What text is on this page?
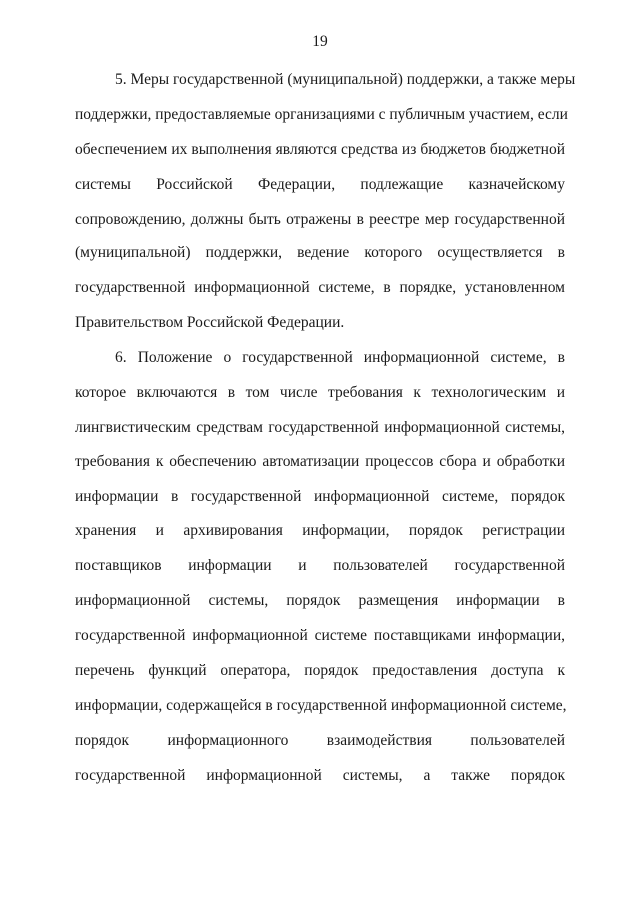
19
5. Меры государственной (муниципальной) поддержки, а также меры
поддержки, предоставляемые организациями с публичным участием, если
обеспечением их выполнения являются средства из бюджетов бюджетной
системы Российской Федерации, подлежащие казначейскому
сопровождению, должны быть отражены в реестре мер государственной
(муниципальной) поддержки, ведение которого осуществляется в
государственной информационной системе, в порядке, установленном
Правительством Российской Федерации.
6. Положение о государственной информационной системе, в
которое включаются в том числе требования к технологическим и
лингвистическим средствам государственной информационной системы,
требования к обеспечению автоматизации процессов сбора и обработки
информации в государственной информационной системе, порядок
хранения и архивирования информации, порядок регистрации
поставщиков информации и пользователей государственной
информационной системы, порядок размещения информации в
государственной информационной системе поставщиками информации,
перечень функций оператора, порядок предоставления доступа к
информации, содержащейся в государственной информационной системе,
порядок информационного взаимодействия пользователей
государственной информационной системы, а также порядок
